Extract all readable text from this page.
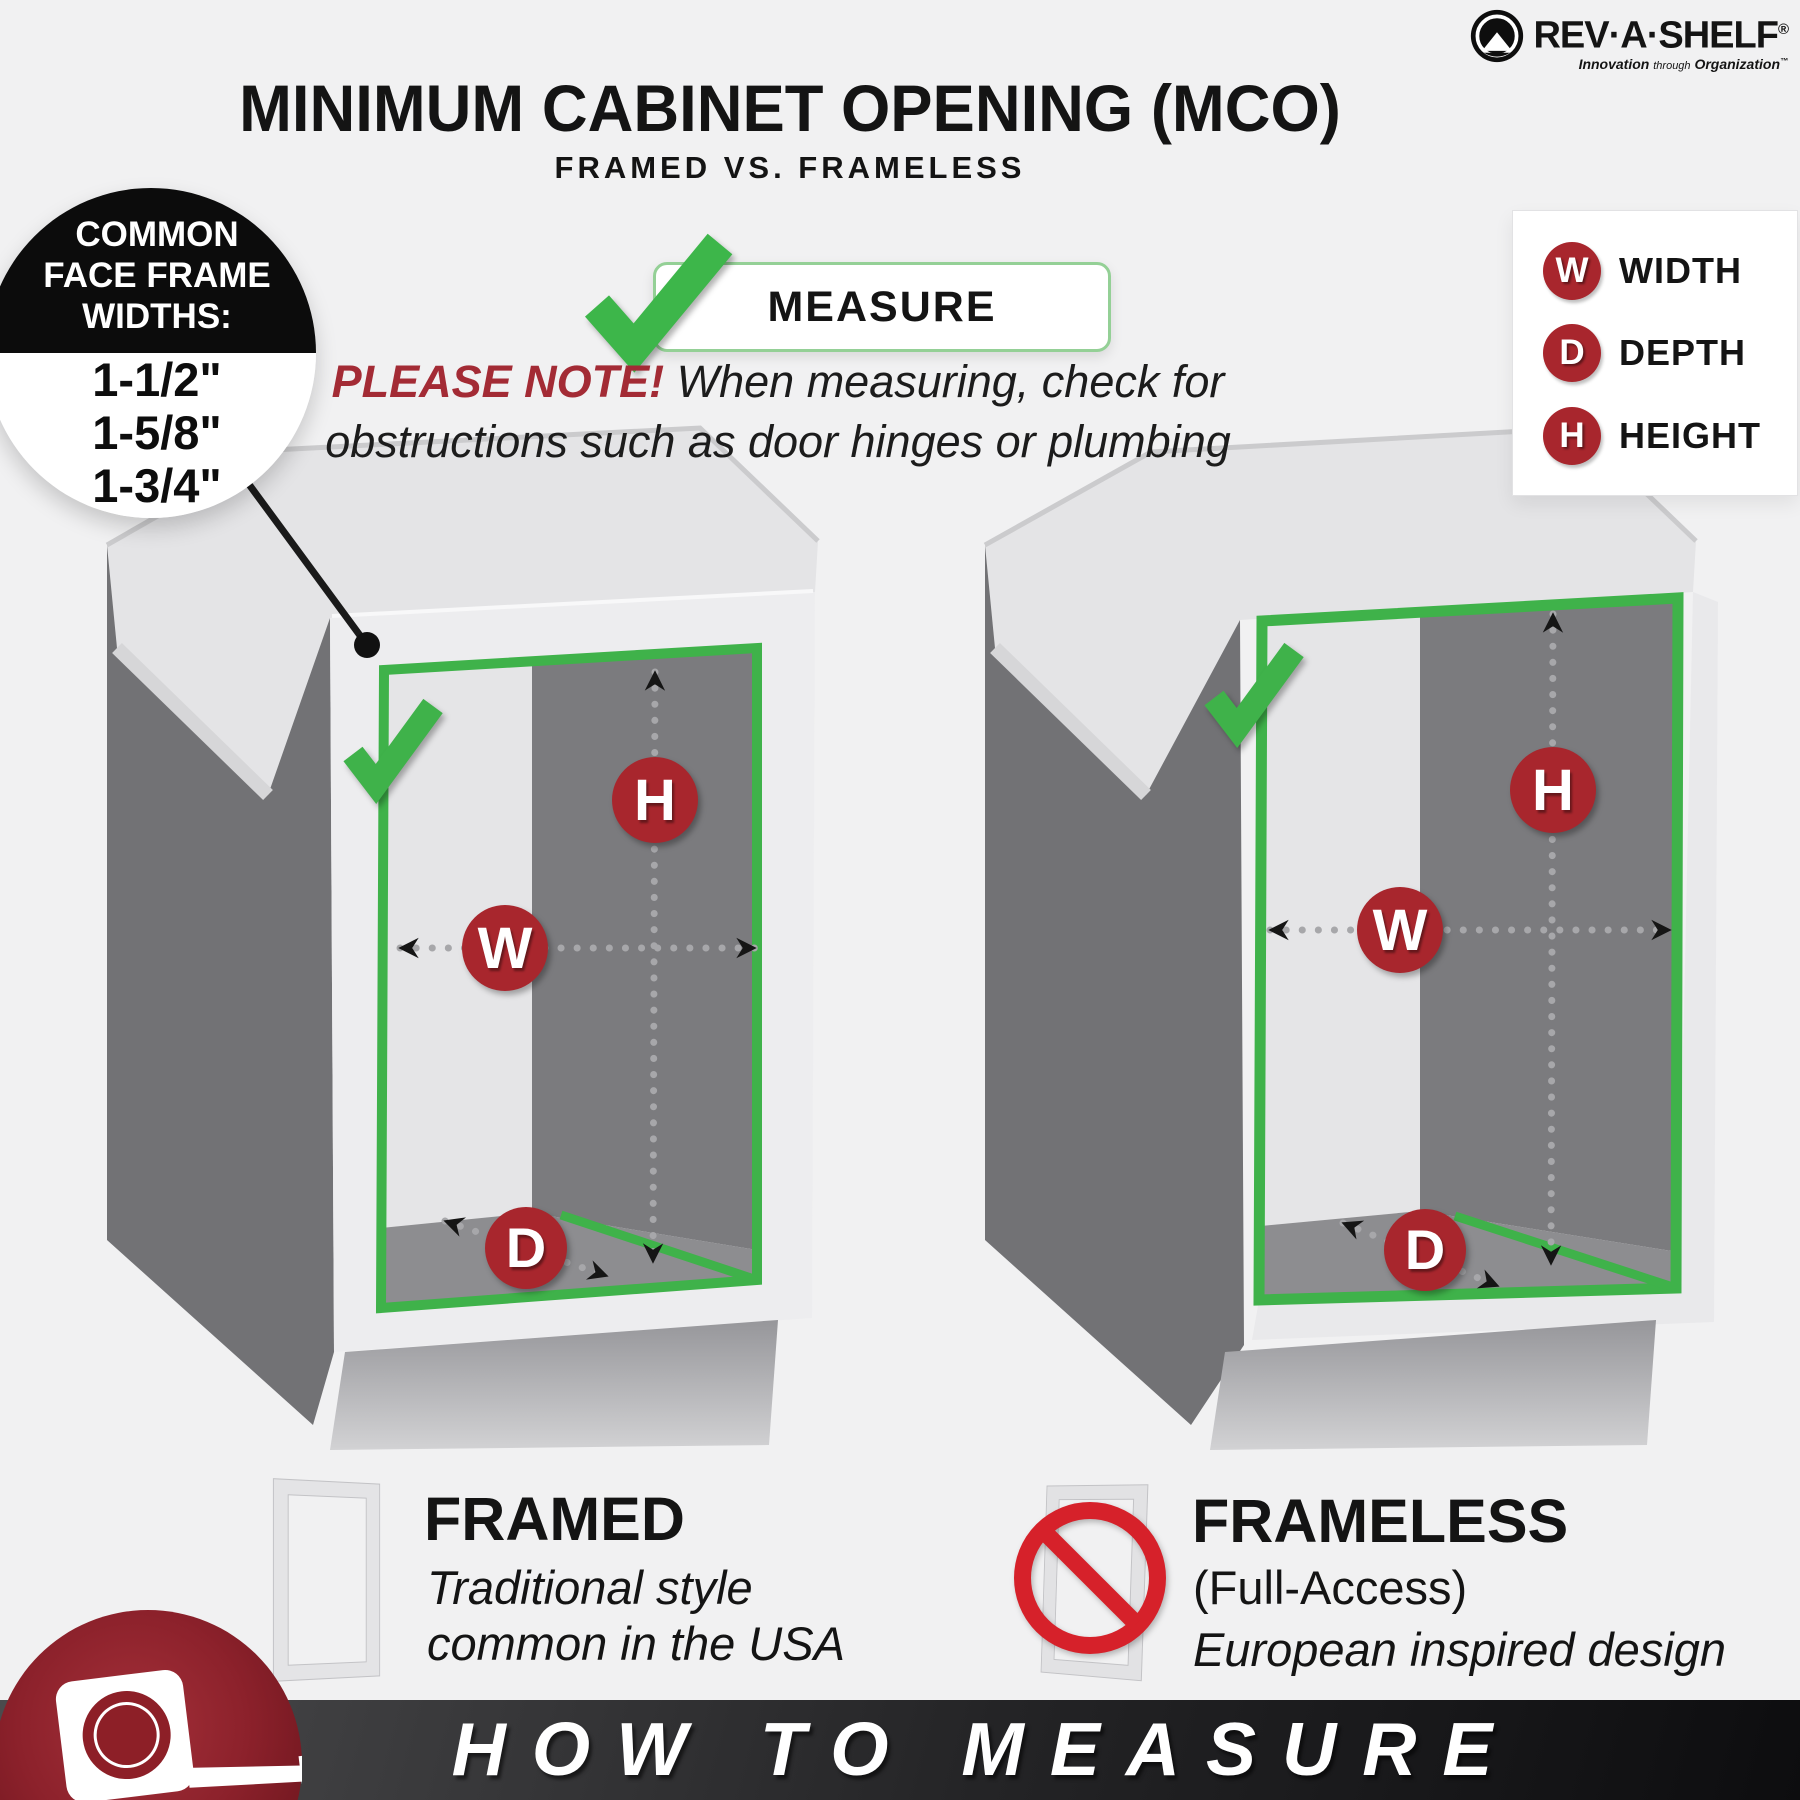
H
W
D
H
W
D
REV·A·SHELF®
Innovation through Organization™
MINIMUM CABINET OPENING (MCO)
FRAMED VS. FRAMELESS
COMMON
FACE FRAME
WIDTHS:
1-1/2"
1-5/8"
1-3/4"
MEASURE
PLEASE NOTE! When measuring, check for
obstructions such as door hinges or plumbing
W WIDTH
D DEPTH
H HEIGHT
FRAMED
Traditional style
common in the USA
FRAMELESS
(Full-Access)
European inspired design
HOW TO MEASURE
